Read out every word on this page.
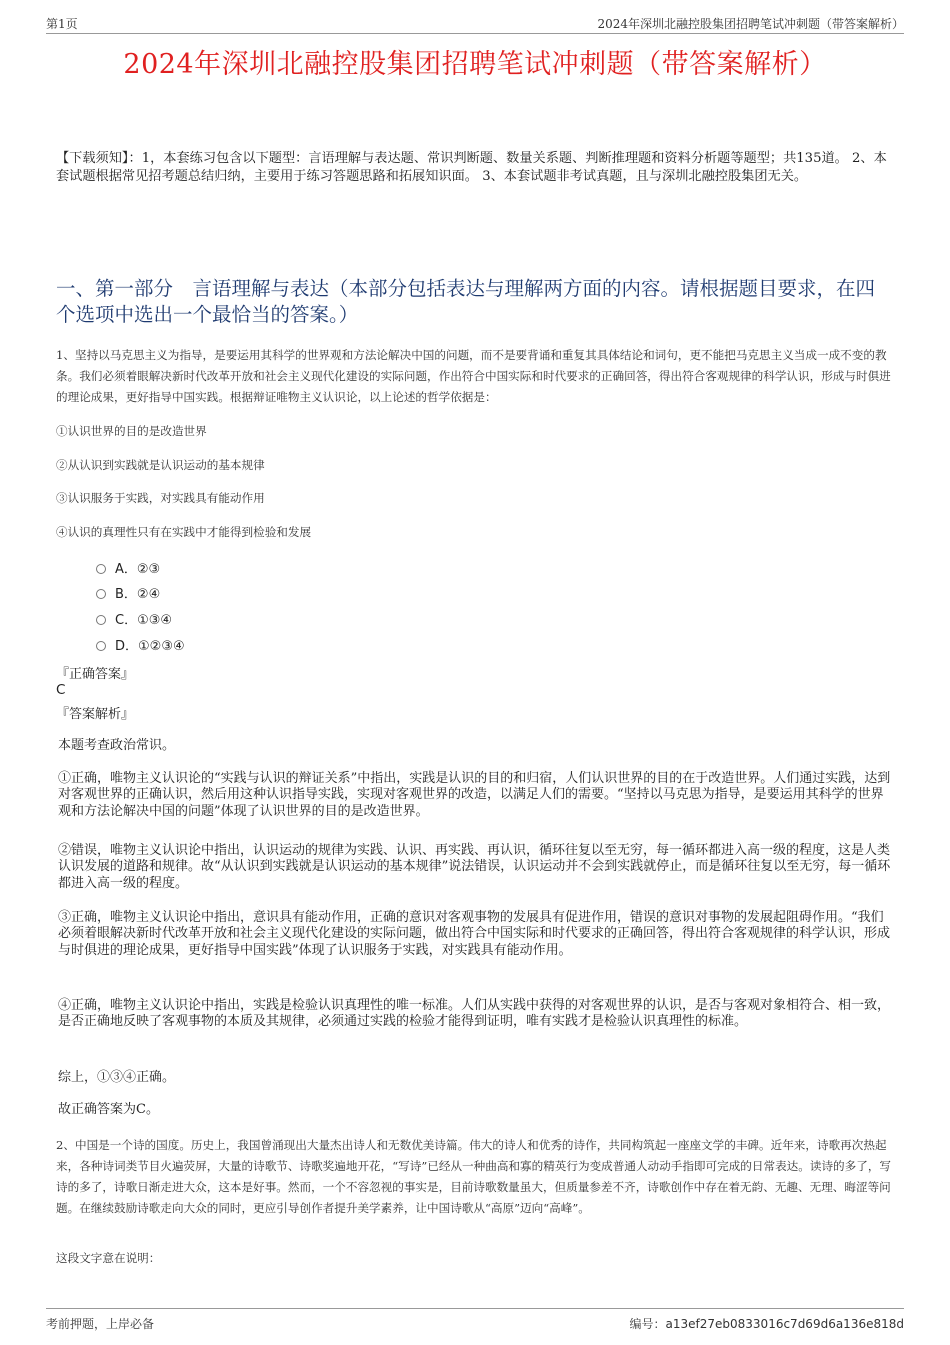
第1页	2024年深圳北融控股集团招聘笔试冲刺题（带答案解析）
2024年深圳北融控股集团招聘笔试冲刺题（带答案解析）
【下载须知】：1，本套练习包含以下题型：言语理解与表达题、常识判断题、数量关系题、判断推理题和资料分析题等题型；共135道。 2、本套试题根据常见招考题总结归纳，主要用于练习答题思路和拓展知识面。 3、本套试题非考试真题，且与深圳北融控股集团无关。
一、第一部分　言语理解与表达（本部分包括表达与理解两方面的内容。请根据题目要求，在四个选项中选出一个最恰当的答案。）
1、坚持以马克思主义为指导，是要运用其科学的世界观和方法论解决中国的问题，而不是要背诵和重复其具体结论和词句，更不能把马克思主义当成一成不变的教条。我们必须着眼解决新时代改革开放和社会主义现代化建设的实际问题，作出符合中国实际和时代要求的正确回答，得出符合客观规律的科学认识，形成与时俱进的理论成果，更好指导中国实践。根据辩证唯物主义认识论，以上论述的哲学依据是：
①认识世界的目的是改造世界
②从认识到实践就是认识运动的基本规律
③认识服务于实践，对实践具有能动作用
④认识的真理性只有在实践中才能得到检验和发展
A．②③
B．②④
C．①③④
D．①②③④
『正确答案』
C
『答案解析』
本题考查政治常识。
①正确，唯物主义认识论的“实践与认识的辩证关系”中指出，实践是认识的目的和归宿，人们认识世界的目的在于改造世界。人们通过实践，达到对客观世界的正确认识，然后用这种认识指导实践，实现对客观世界的改造，以满足人们的需要。“坚持以马克思为指导，是要运用其科学的世界观和方法论解决中国的问题”体现了认识世界的目的是改造世界。
②错误，唯物主义认识论中指出，认识运动的规律为实践、认识、再实践、再认识，循环往复以至无穷，每一循环都进入高一级的程度，这是人类认识发展的道路和规律。故“从认识到实践就是认识运动的基本规律”说法错误，认识运动并不会到实践就停止，而是循环往复以至无穷，每一循环都进入高一级的程度。
③正确，唯物主义认识论中指出，意识具有能动作用，正确的意识对客观事物的发展具有促进作用，错误的意识对事物的发展起阻碍作用。“我们必须着眼解决新时代改革开放和社会主义现代化建设的实际问题，做出符合中国实际和时代要求的正确回答，得出符合客观规律的科学认识，形成与时俱进的理论成果，更好指导中国实践”体现了认识服务于实践，对实践具有能动作用。
④正确，唯物主义认识论中指出，实践是检验认识真理性的唯一标准。人们从实践中获得的对客观世界的认识，是否与客观对象相符合、相一致，是否正确地反映了客观事物的本质及其规律，必须通过实践的检验才能得到证明，唯有实践才是检验认识真理性的标准。
综上，①③④正确。
故正确答案为C。
2、中国是一个诗的国度。历史上，我国曾涌现出大量杰出诗人和无数优美诗篇。伟大的诗人和优秀的诗作，共同构筑起一座座文学的丰碑。近年来，诗歌再次热起来，各种诗词类节目火遍荧屏，大量的诗歌节、诗歌奖遍地开花，“写诗”已经从一种曲高和寡的精英行为变成普通人动动手指即可完成的日常表达。读诗的多了，写诗的多了，诗歌日渐走进大众，这本是好事。然而，一个不容忽视的事实是，目前诗歌数量虽大，但质量参差不齐，诗歌创作中存在着无韵、无趣、无理、晦涩等问题。在继续鼓励诗歌走向大众的同时，更应引导创作者提升美学素养，让中国诗歌从“高原”迈向“高峰”。
这段文字意在说明：
考前押题，上岸必备	编号：a13ef27eb0833016c7d69d6a136e818d
